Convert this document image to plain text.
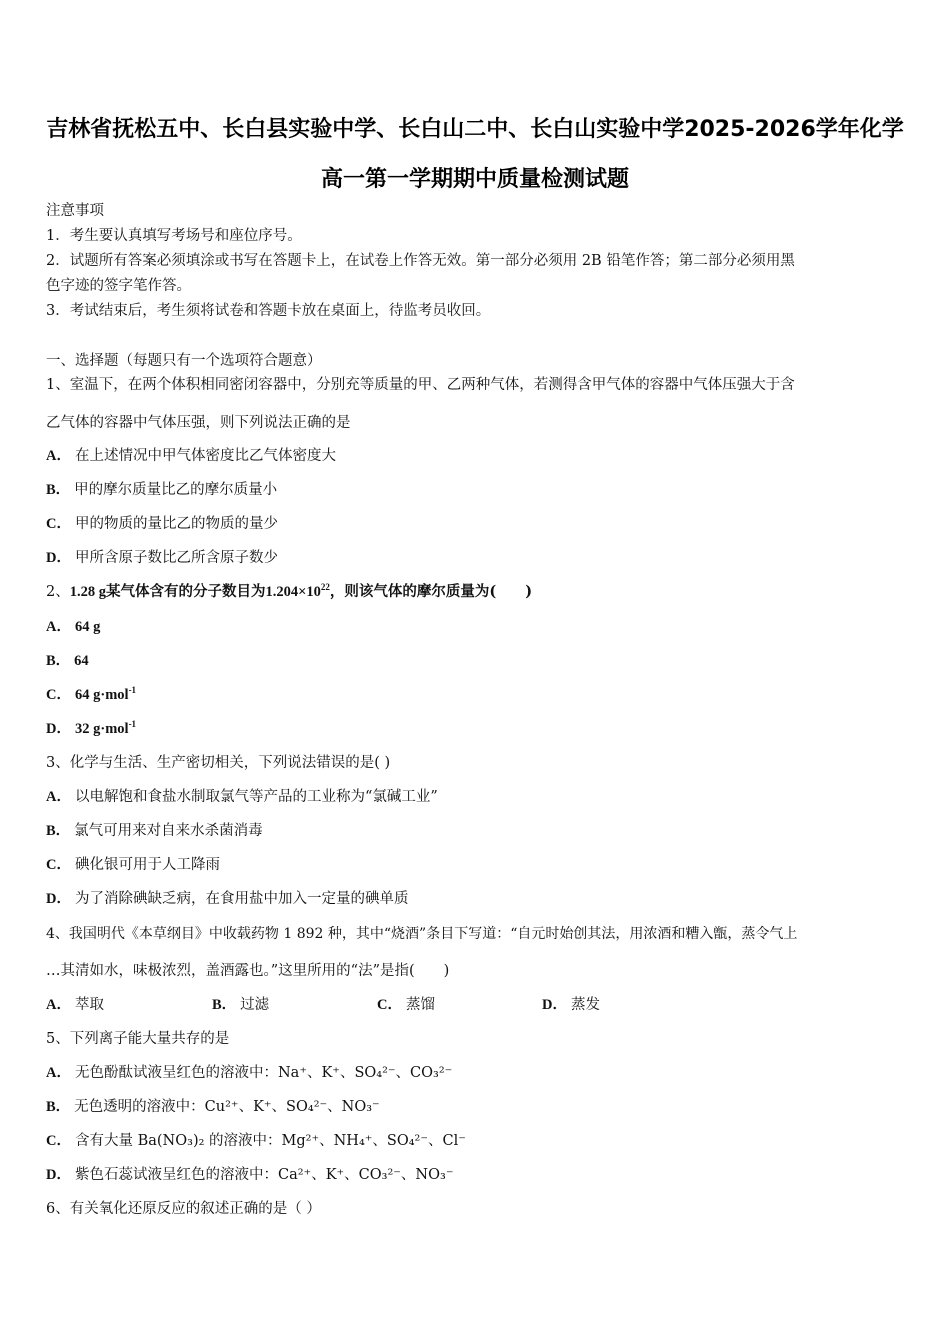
吉林省抚松五中、长白县实验中学、长白山二中、长白山实验中学2025-2026学年化学
高一第一学期期中质量检测试题
注意事项
1．考生要认真填写考场号和座位序号。
2．试题所有答案必须填涂或书写在答题卡上，在试卷上作答无效。第一部分必须用 2B 铅笔作答；第二部分必须用黑
色字迹的签字笔作答。
3．考试结束后，考生须将试卷和答题卡放在桌面上，待监考员收回。
一、选择题（每题只有一个选项符合题意）
1、室温下，在两个体积相同密闭容器中，分别充等质量的甲、乙两种气体，若测得含甲气体的容器中气体压强大于含
乙气体的容器中气体压强，则下列说法正确的是
A． 在上述情况中甲气体密度比乙气体密度大
B． 甲的摩尔质量比乙的摩尔质量小
C． 甲的物质的量比乙的物质的量少
D． 甲所含原子数比乙所含原子数少
2、1.28 g某气体含有的分子数目为$1.204\times 10^{22}$，则该气体的摩尔质量为(　　)
A． 64 g
B． 64
C． 64 g·mol$^{-1}$
D． 32 g·mol$^{-1}$
3、化学与生活、生产密切相关，下列说法错误的是( )
A． 以电解饱和食盐水制取氯气等产品的工业称为“氯碱工业”
B． 氯气可用来对自来水杀菌消毒
C． 碘化银可用于人工降雨
D． 为了消除碘缺乏病，在食用盐中加入一定量的碘单质
4、我国明代《本草纲目》中收载药物 1 892 种，其中“烧酒”条目下写道：“自元时始创其法，用浓酒和糟入甑，蒸令气上
…其清如水，味极浓烈，盖酒露也。”这里所用的“法”是指(　　)
A． 萃取	B． 过滤	C． 蒸馏	D． 蒸发
5、下列离子能大量共存的是
A． 无色酚酞试液呈红色的溶液中：Na⁺、K⁺、SO₄²⁻、CO₃²⁻
B． 无色透明的溶液中：Cu²⁺、K⁺、SO₄²⁻、NO₃⁻
C． 含有大量 Ba(NO₃)₂ 的溶液中：Mg²⁺、NH₄⁺、SO₄²⁻、Cl⁻
D． 紫色石蕊试液呈红色的溶液中：Ca²⁺、K⁺、CO₃²⁻、NO₃⁻
6、有关氧化还原反应的叙述正确的是（ ）
